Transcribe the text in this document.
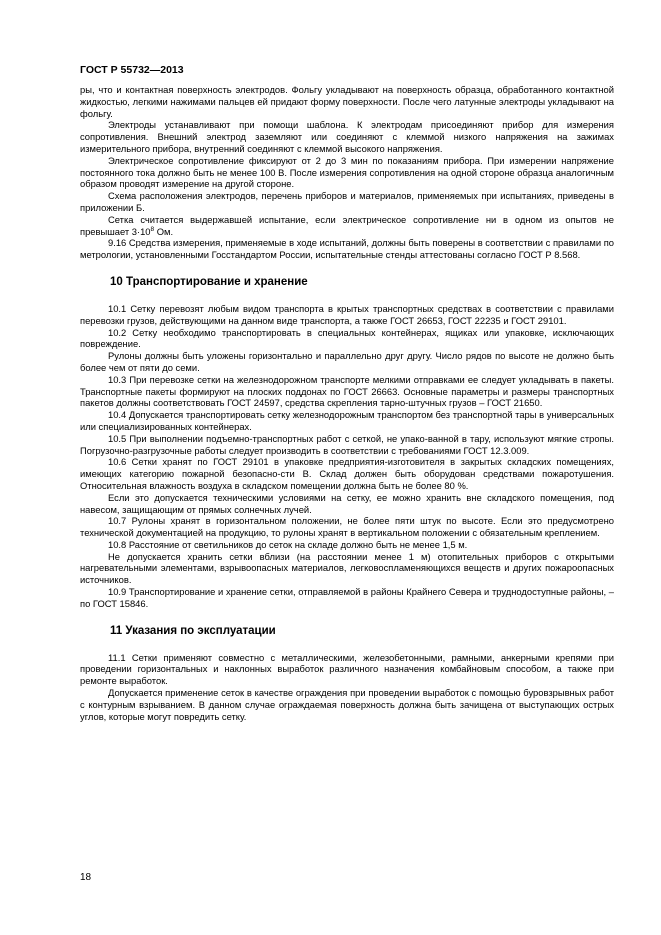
ГОСТ Р 55732—2013

ры, что и контактная поверхность электродов. Фольгу укладывают на поверхность образца, обработанного контактной жидкостью, легкими нажимами пальцев ей придают форму поверхности. После чего латунные электроды укладывают на фольгу.

Электроды устанавливают при помощи шаблона. К электродам присоединяют прибор для измерения сопротивления. Внешний электрод заземляют или соединяют с клеммой низкого напряжения на зажимах измерительного прибора, внутренний соединяют с клеммой высокого напряжения.

Электрическое сопротивление фиксируют от 2 до 3 мин по показаниям прибора. При измерении напряжение постоянного тока должно быть не менее 100 В. После измерения сопротивления на одной стороне образца аналогичным образом проводят измерение на другой стороне.

Схема расположения электродов, перечень приборов и материалов, применяемых при испытаниях, приведены в приложении Б.

Сетка считается выдержавшей испытание, если электрическое сопротивление ни в одном из опытов не превышает $3\cdot 10^8$ Ом.

9.16 Средства измерения, применяемые в ходе испытаний, должны быть поверены в соответствии с правилами по метрологии, установленными Госстандартом России, испытательные стенды аттестованы согласно ГОСТ Р 8.568.

10 Транспортирование и хранение

10.1 Сетку перевозят любым видом транспорта в крытых транспортных средствах в соответствии с правилами перевозки грузов, действующими на данном виде транспорта, а также ГОСТ 26653, ГОСТ 22235 и ГОСТ 29101.

10.2 Сетку необходимо транспортировать в специальных контейнерах, ящиках или упаковке, исключающих повреждение.

Рулоны должны быть уложены горизонтально и параллельно друг другу. Число рядов по высоте не должно быть более чем от пяти до семи.

10.3 При перевозке сетки на железнодорожном транспорте мелкими отправками ее следует укладывать в пакеты. Транспортные пакеты формируют на плоских поддонах по ГОСТ 26663. Основные параметры и размеры транспортных пакетов должны соответствовать ГОСТ 24597, средства скрепления тарно-штучных грузов – ГОСТ 21650.

10.4 Допускается транспортировать сетку железнодорожным транспортом без транспортной тары в универсальных или специализированных контейнерах.

10.5 При выполнении подъемно-транспортных работ с сеткой, не упако-ванной в тару, используют мягкие стропы. Погрузочно-разгрузочные работы следует производить в соответствии с требованиями ГОСТ 12.3.009.

10.6 Сетки хранят по ГОСТ 29101 в упаковке предприятия-изготовителя в закрытых складских помещениях, имеющих категорию пожарной безопасно-сти В. Склад должен быть оборудован средствами пожаротушения. Относительная влажность воздуха в складском помещении должна быть не более 80 %.

Если это допускается техническими условиями на сетку, ее можно хранить вне складского помещения, под навесом, защищающим от прямых солнечных лучей.

10.7 Рулоны хранят в горизонтальном положении, не более пяти штук по высоте. Если это предусмотрено технической документацией на продукцию, то рулоны хранят в вертикальном положении с обязательным креплением.

10.8 Расстояние от светильников до сеток на складе должно быть не менее 1,5 м.

Не допускается хранить сетки вблизи (на расстоянии менее 1 м) отопительных приборов с открытыми нагревательными элементами, взрывоопасных материалов, легковоспламеняющихся веществ и других пожароопасных источников.

10.9 Транспортирование и хранение сетки, отправляемой в районы Крайнего Севера и труднодоступные районы, – по ГОСТ 15846.

11 Указания по эксплуатации

11.1 Сетки применяют совместно с металлическими, железобетонными, рамными, анкерными крепями при проведении горизонтальных и наклонных выработок различного назначения комбайновым способом, а также при ремонте выработок.

Допускается применение сеток в качестве ограждения при проведении выработок с помощью буровзрывных работ с контурным взрыванием. В данном случае ограждаемая поверхность должна быть зачищена от выступающих острых углов, которые могут повредить сетку.

18
